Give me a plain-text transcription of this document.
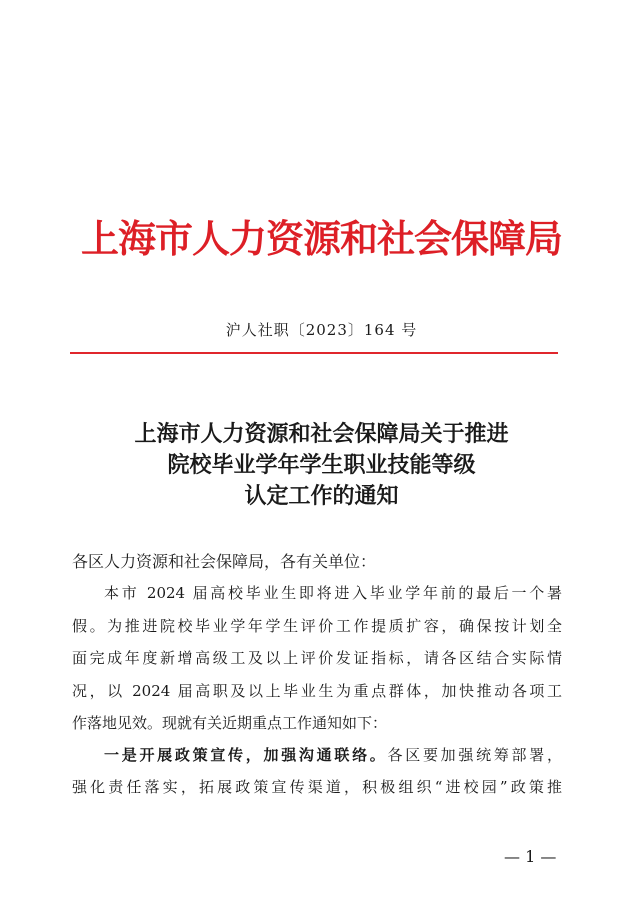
上海市人力资源和社会保障局
沪人社职〔2023〕164 号
上海市人力资源和社会保障局关于推进
院校毕业学年学生职业技能等级
认定工作的通知
各区人力资源和社会保障局，各有关单位：
本市 2024 届高校毕业生即将进入毕业学年前的最后一个暑
假。为推进院校毕业学年学生评价工作提质扩容，确保按计划全
面完成年度新增高级工及以上评价发证指标，请各区结合实际情
况，以 2024 届高职及以上毕业生为重点群体，加快推动各项工
作落地见效。现就有关近期重点工作通知如下：
一是开展政策宣传，加强沟通联络。各区要加强统筹部署，
强化责任落实，拓展政策宣传渠道，积极组织“进校园”政策推
— 1 —
